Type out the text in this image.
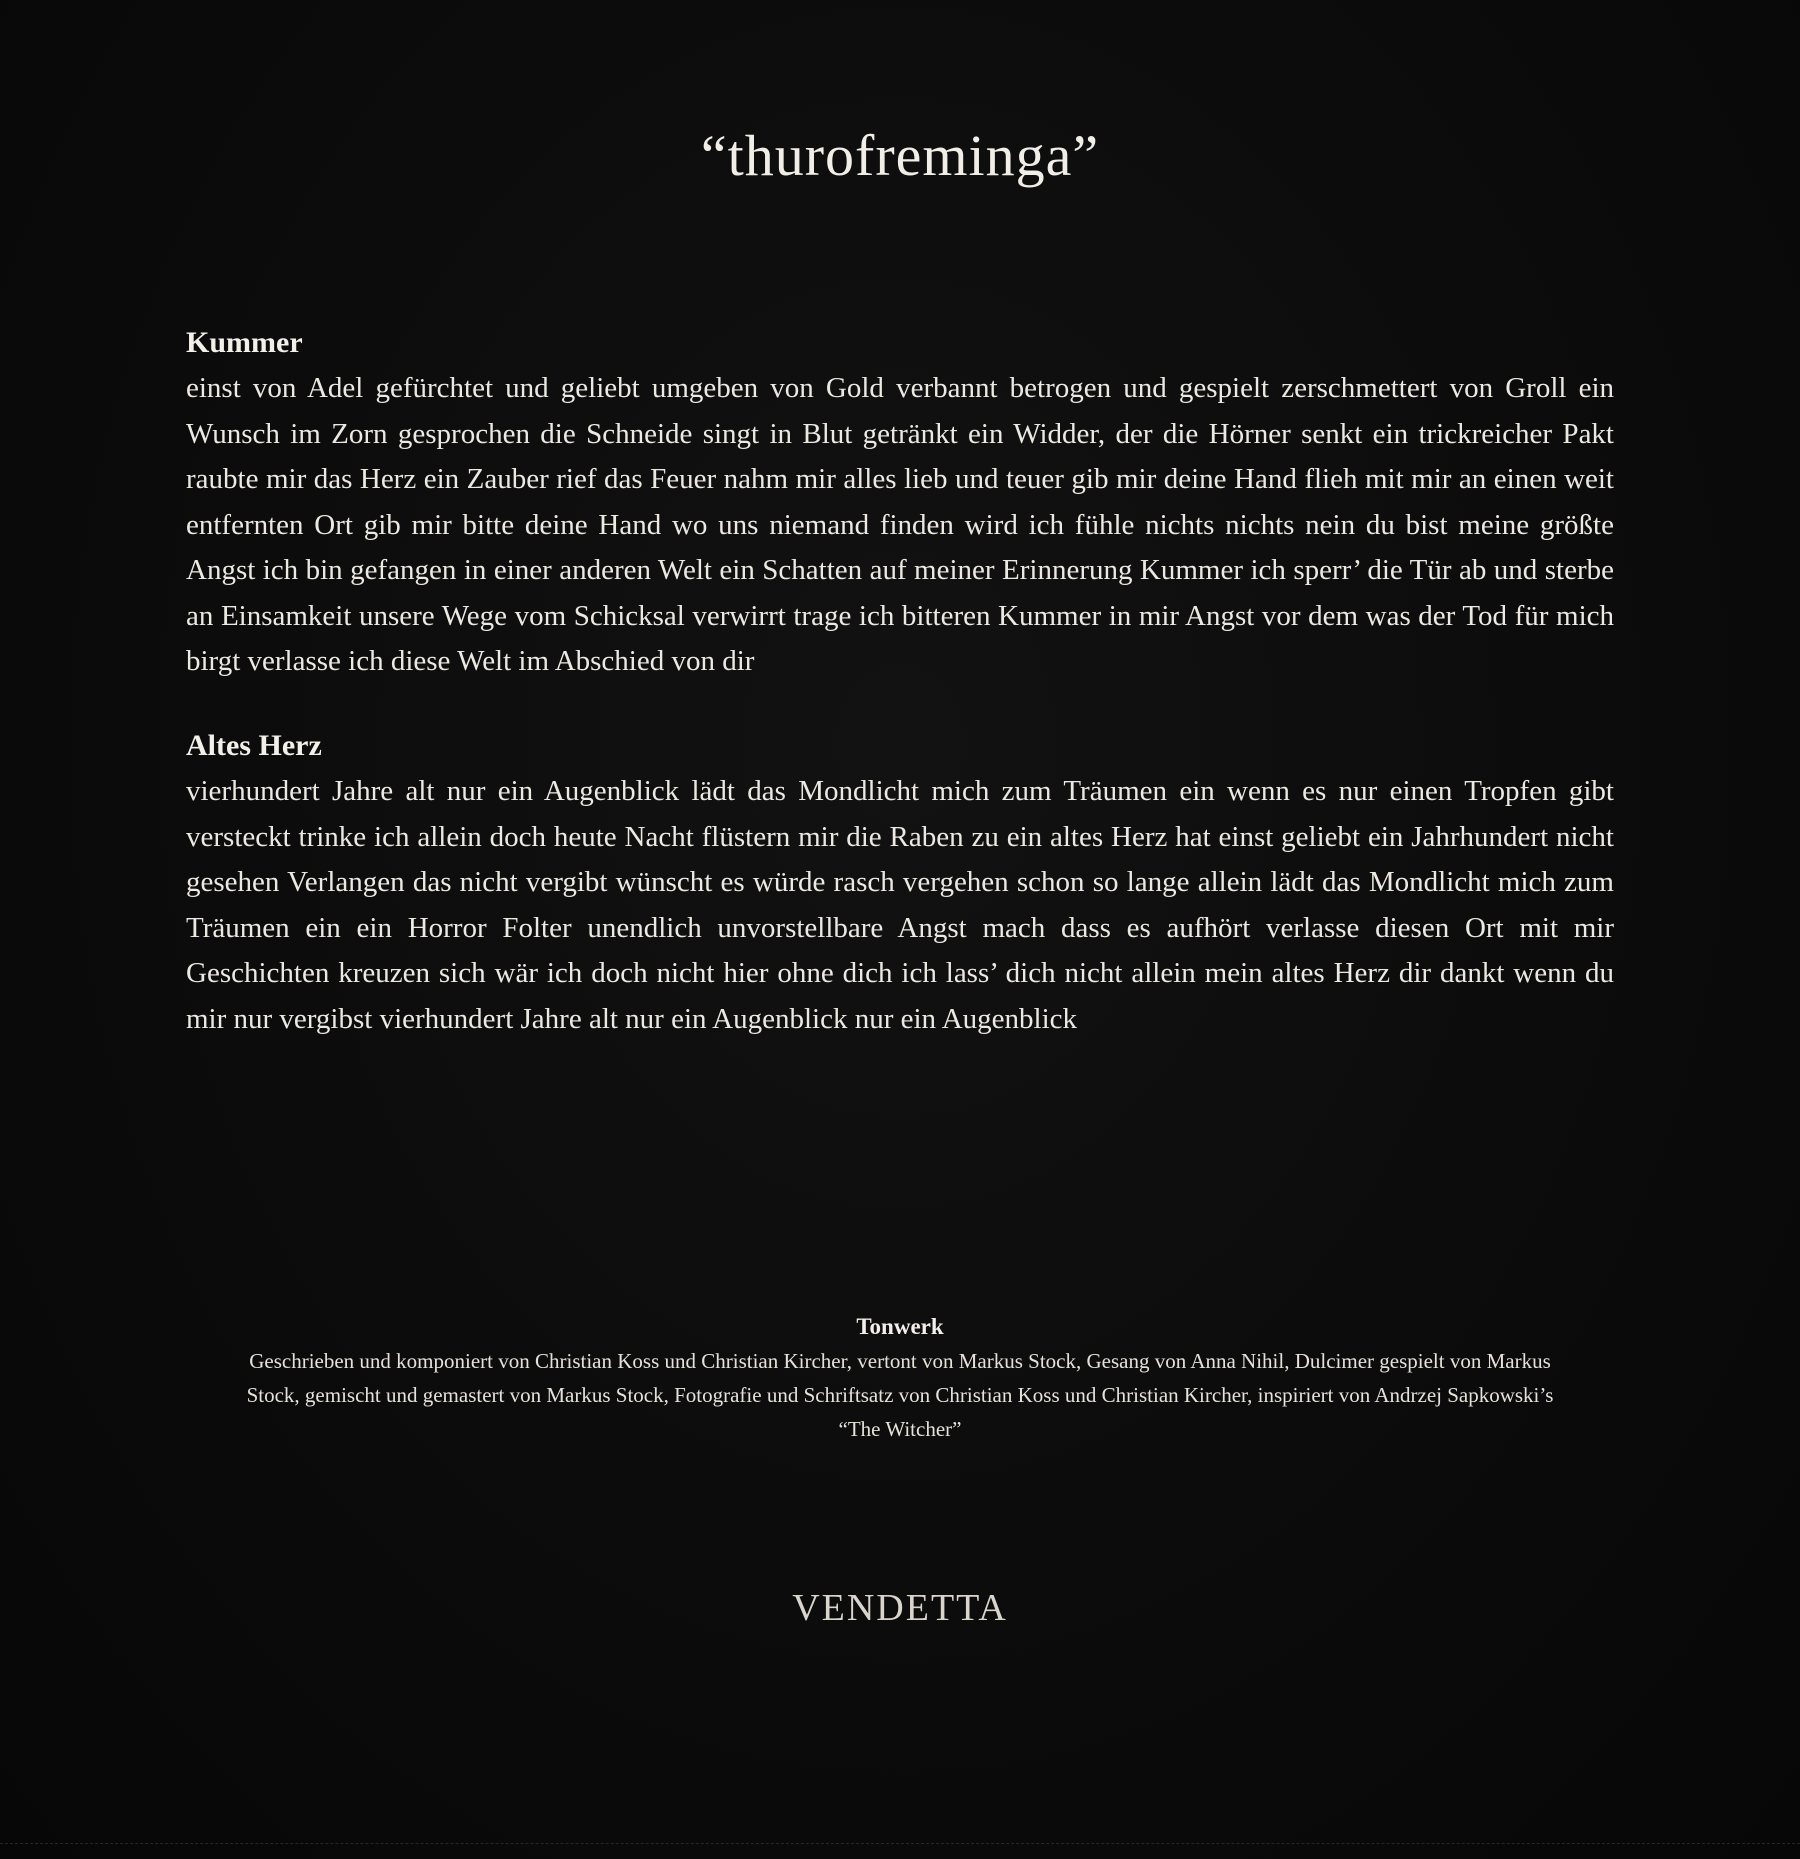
“thurofreminga”
Kummer

einst von Adel gefürchtet und geliebt umgeben von Gold verbannt betrogen und gespielt zerschmettert von Groll ein Wunsch im Zorn gesprochen die Schneide singt in Blut getränkt ein Widder, der die Hörner senkt ein trickreicher Pakt raubte mir das Herz ein Zauber rief das Feuer nahm mir alles lieb und teuer gib mir deine Hand flieh mit mir an einen weit entfernten Ort gib mir bitte deine Hand wo uns niemand finden wird ich fühle nichts nichts nein du bist meine größte Angst ich bin gefangen in einer anderen Welt ein Schatten auf meiner Erinnerung Kummer ich sperr’ die Tür ab und sterbe an Einsamkeit unsere Wege vom Schicksal verwirrt trage ich bitteren Kummer in mir Angst vor dem was der Tod für mich birgt verlasse ich diese Welt im Abschied von dir

Altes Herz

vierhundert Jahre alt nur ein Augenblick lädt das Mondlicht mich zum Träumen ein wenn es nur einen Tropfen gibt versteckt trinke ich allein doch heute Nacht flüstern mir die Raben zu ein altes Herz hat einst geliebt ein Jahrhundert nicht gesehen Verlangen das nicht vergibt wünscht es würde rasch vergehen schon so lange allein lädt das Mondlicht mich zum Träumen ein ein Horror Folter unendlich unvorstellbare Angst mach dass es aufhört verlasse diesen Ort mit mir Geschichten kreuzen sich wär ich doch nicht hier ohne dich ich lass’ dich nicht allein mein altes Herz dir dankt wenn du mir nur vergibst vierhundert Jahre alt nur ein Augenblick nur ein Augenblick

Tonwerk

Geschrieben und komponiert von Christian Koss und Christian Kircher, vertont von Markus Stock, Gesang von Anna Nihil, Dulcimer gespielt von Markus Stock, gemischt und gemastert von Markus Stock, Fotografie und Schriftsatz von Christian Koss und Christian Kircher, inspiriert von Andrzej Sapkowski’s “The Witcher”

VENDETTA
